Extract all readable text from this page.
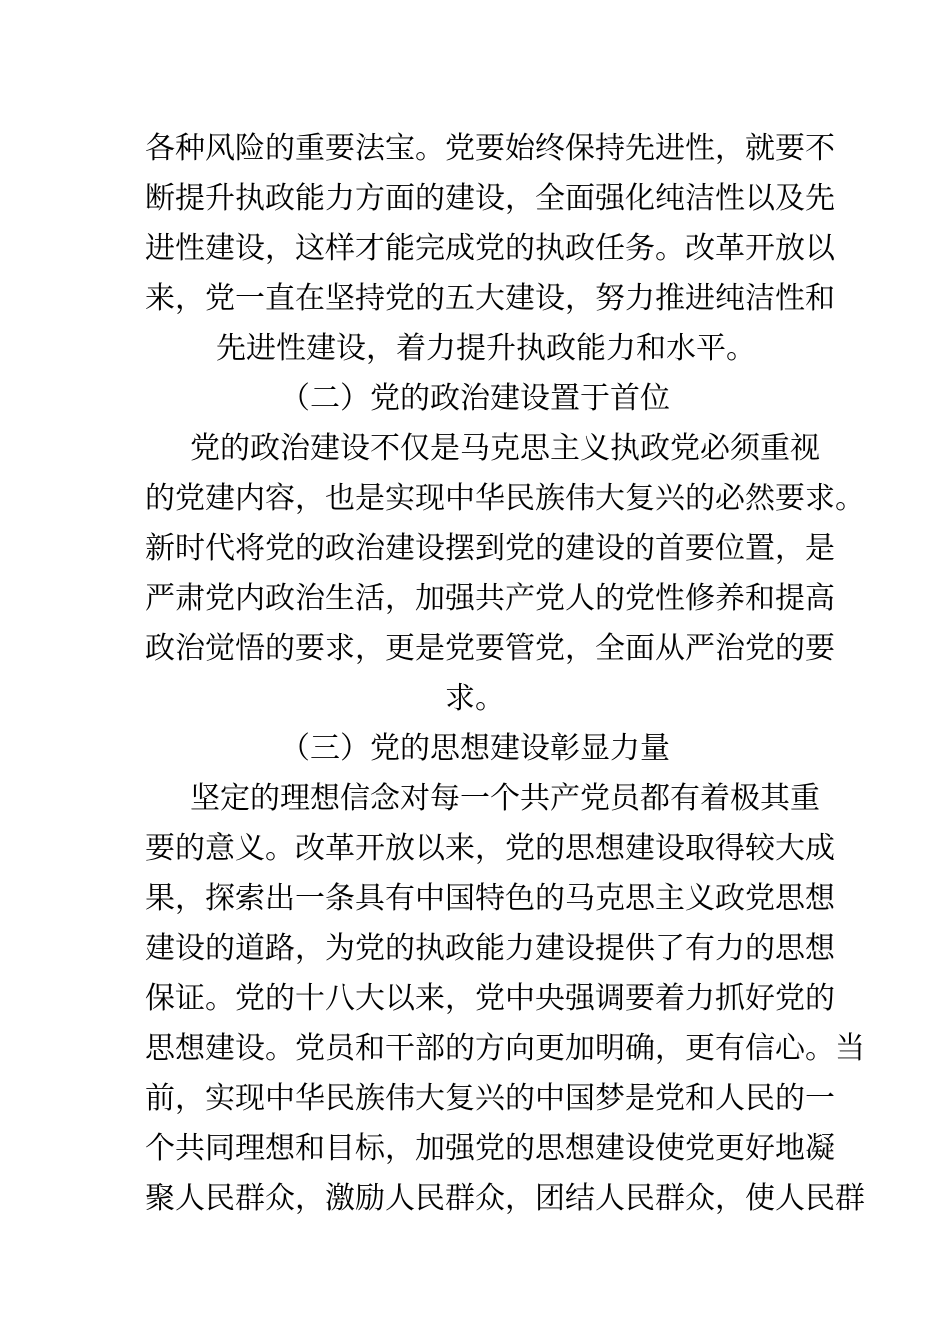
各种风险的重要法宝。党要始终保持先进性，就要不
断提升执政能力方面的建设，全面强化纯洁性以及先
进性建设，这样才能完成党的执政任务。改革开放以
来，党一直在坚持党的五大建设，努力推进纯洁性和
先进性建设，着力提升执政能力和水平。
（二）党的政治建设置于首位
党的政治建设不仅是马克思主义执政党必须重视
的党建内容，也是实现中华民族伟大复兴的必然要求。
新时代将党的政治建设摆到党的建设的首要位置，是
严肃党内政治生活，加强共产党人的党性修养和提高
政治觉悟的要求，更是党要管党，全面从严治党的要
求。
（三）党的思想建设彰显力量
坚定的理想信念对每一个共产党员都有着极其重
要的意义。改革开放以来，党的思想建设取得较大成
果，探索出一条具有中国特色的马克思主义政党思想
建设的道路，为党的执政能力建设提供了有力的思想
保证。党的十八大以来，党中央强调要着力抓好党的
思想建设。党员和干部的方向更加明确，更有信心。当
前，实现中华民族伟大复兴的中国梦是党和人民的一
个共同理想和目标，加强党的思想建设使党更好地凝
聚人民群众，激励人民群众，团结人民群众，使人民群
